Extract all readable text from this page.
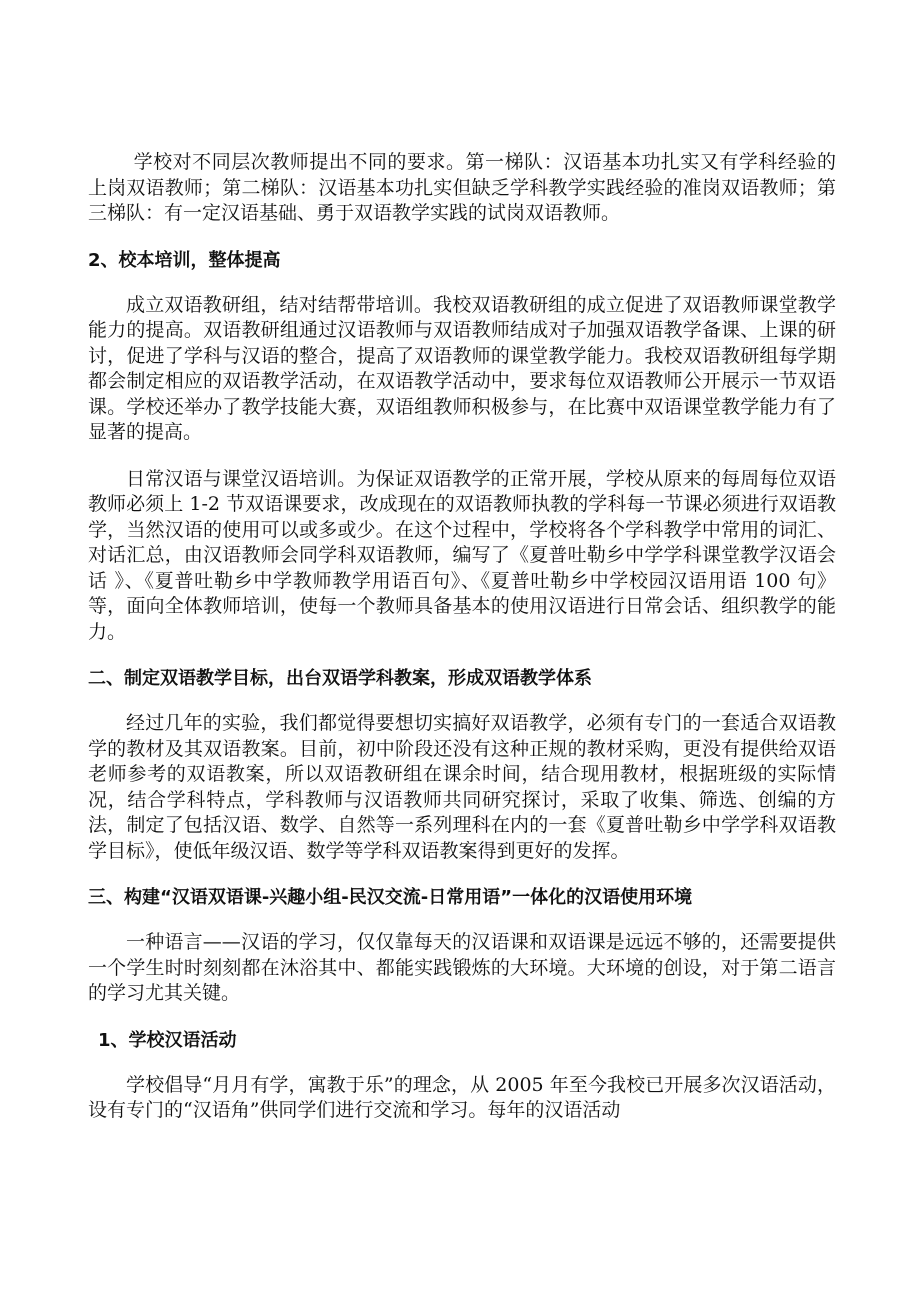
学校对不同层次教师提出不同的要求。第一梯队：汉语基本功扎实又有学科经验的上岗双语教师；第二梯队：汉语基本功扎实但缺乏学科教学实践经验的准岗双语教师；第三梯队：有一定汉语基础、勇于双语教学实践的试岗双语教师。

2、校本培训，整体提高

成立双语教研组，结对结帮带培训。我校双语教研组的成立促进了双语教师课堂教学能力的提高。双语教研组通过汉语教师与双语教师结成对子加强双语教学备课、上课的研讨，促进了学科与汉语的整合，提高了双语教师的课堂教学能力。我校双语教研组每学期都会制定相应的双语教学活动，在双语教学活动中，要求每位双语教师公开展示一节双语课。学校还举办了教学技能大赛，双语组教师积极参与，在比赛中双语课堂教学能力有了显著的提高。

日常汉语与课堂汉语培训。为保证双语教学的正常开展，学校从原来的每周每位双语教师必须上 1-2 节双语课要求，改成现在的双语教师执教的学科每一节课必须进行双语教学，当然汉语的使用可以或多或少。在这个过程中，学校将各个学科教学中常用的词汇、对话汇总，由汉语教师会同学科双语教师，编写了《夏普吐勒乡中学学科课堂教学汉语会话 》、《夏普吐勒乡中学教师教学用语百句》、《夏普吐勒乡中学校园汉语用语 100 句》等，面向全体教师培训，使每一个教师具备基本的使用汉语进行日常会话、组织教学的能力。

二、制定双语教学目标，出台双语学科教案，形成双语教学体系

经过几年的实验，我们都觉得要想切实搞好双语教学，必须有专门的一套适合双语教学的教材及其双语教案。目前，初中阶段还没有这种正规的教材采购，更没有提供给双语老师参考的双语教案，所以双语教研组在课余时间，结合现用教材，根据班级的实际情况，结合学科特点，学科教师与汉语教师共同研究探讨，采取了收集、筛选、创编的方法，制定了包括汉语、数学、自然等一系列理科在内的一套《夏普吐勒乡中学学科双语教学目标》，使低年级汉语、数学等学科双语教案得到更好的发挥。

三、构建“汉语双语课-兴趣小组-民汉交流-日常用语”一体化的汉语使用环境

一种语言——汉语的学习，仅仅靠每天的汉语课和双语课是远远不够的，还需要提供一个学生时时刻刻都在沐浴其中、都能实践锻炼的大环境。大环境的创设，对于第二语言的学习尤其关键。

1、学校汉语活动

学校倡导“月月有学，寓教于乐”的理念，从 2005 年至今我校已开展多次汉语活动，设有专门的“汉语角”供同学们进行交流和学习。每年的汉语活动
